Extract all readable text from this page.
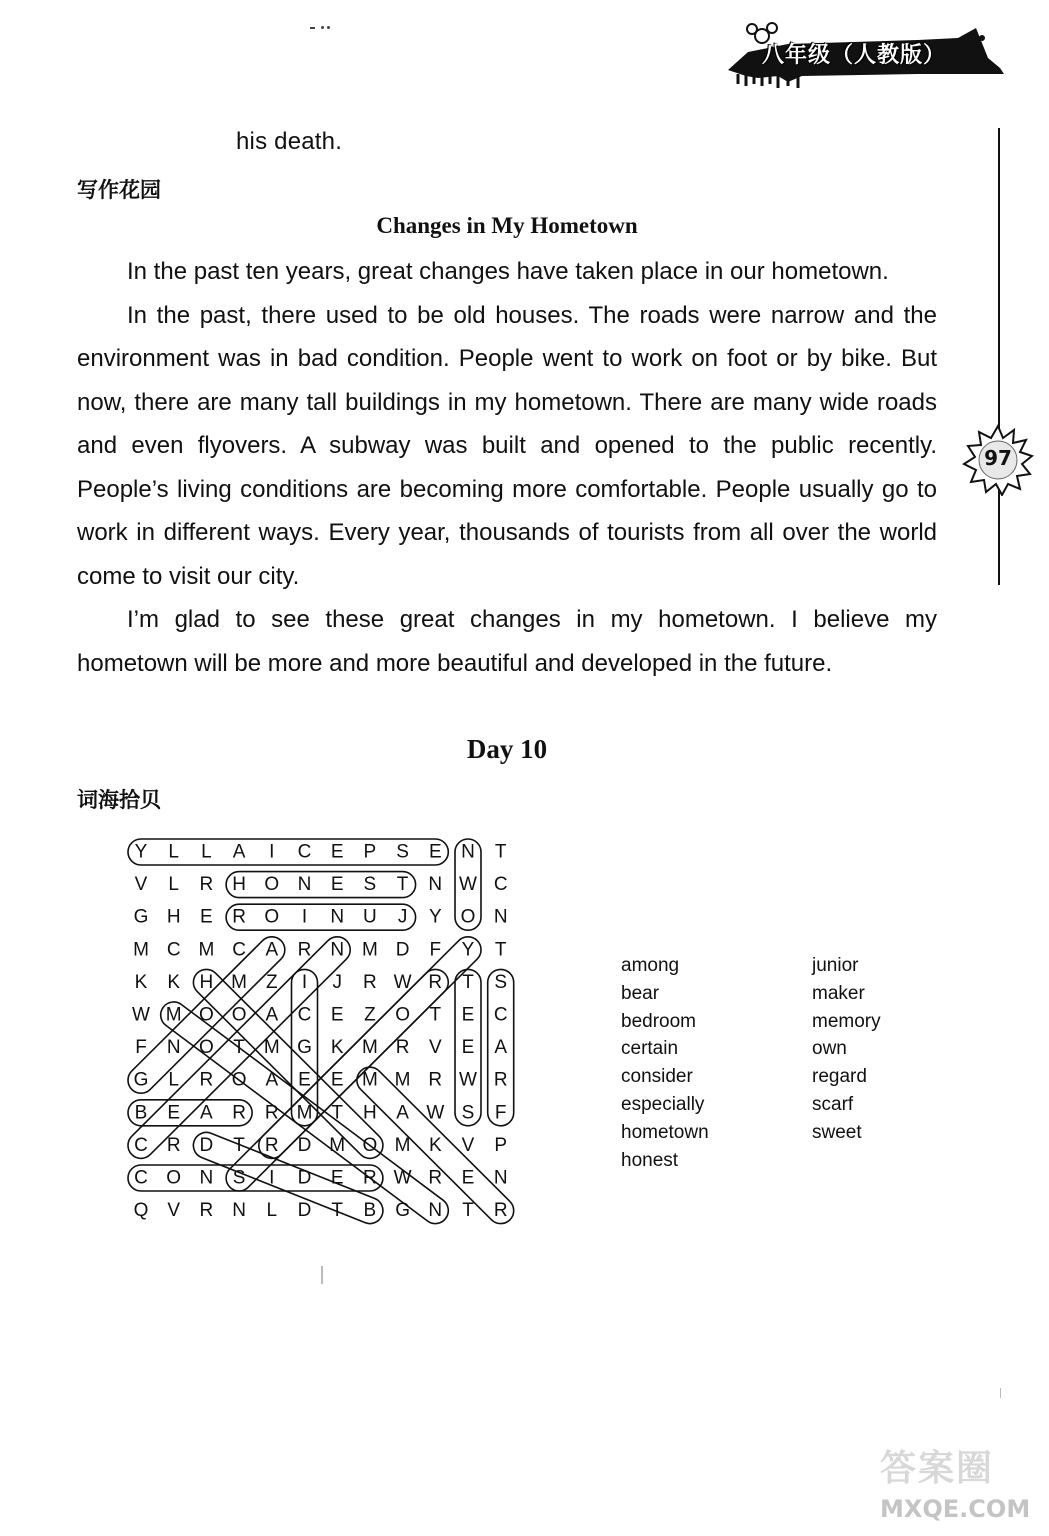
八年级（人教版）
97
his death.
写作花园
Changes in My Hometown

In the past ten years, great changes have taken place in our hometown.

In the past, there used to be old houses. The roads were narrow and the environment was in bad condition. People went to work on foot or by bike. But now, there are many tall buildings in my hometown. There are many wide roads and even flyovers. A subway was built and opened to the public recently. People’s living conditions are becoming more comfortable. People usually go to work in different ways. Every year, thousands of tourists from all over the world come to visit our city.

I’m glad to see these great changes in my hometown. I believe my hometown will be more and more beautiful and developed in the future.

Day 10
词海拾贝
Y L L A I C E P S E N T
V L R H O N E S T N W C
G H E R O I N U J Y O N
M C M C A R N M D F Y T
K K H M Z I J R W R T S
W M O O A C E Z O T E C
F N O T M G K M R V E A
G L R O A E E M M R W R
B E A R R M T H A W S F
C R D T R D M O M K V P
C O N S I D E R W R E N
Q V R N L D T B G N T R
among
bear
bedroom
certain
consider
especially
hometown
honest
junior
maker
memory
own
regard
scarf
sweet
答案圈
MXQE.COM
